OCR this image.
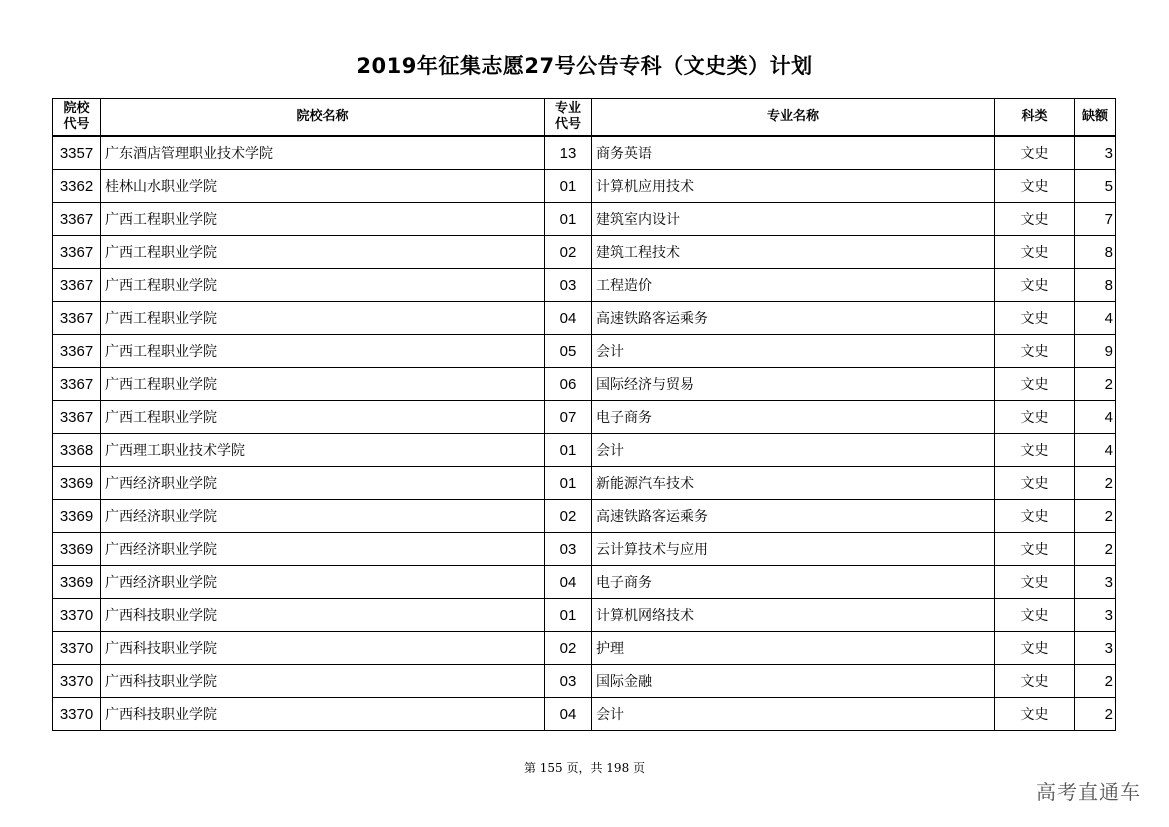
2019年征集志愿27号公告专科（文史类）计划
院校代号	院校名称	专业代号	专业名称	科类	缺额
3357	广东酒店管理职业技术学院	13	商务英语	文史	3
3362	桂林山水职业学院	01	计算机应用技术	文史	5
3367	广西工程职业学院	01	建筑室内设计	文史	7
3367	广西工程职业学院	02	建筑工程技术	文史	8
3367	广西工程职业学院	03	工程造价	文史	8
3367	广西工程职业学院	04	高速铁路客运乘务	文史	4
3367	广西工程职业学院	05	会计	文史	9
3367	广西工程职业学院	06	国际经济与贸易	文史	2
3367	广西工程职业学院	07	电子商务	文史	4
3368	广西理工职业技术学院	01	会计	文史	4
3369	广西经济职业学院	01	新能源汽车技术	文史	2
3369	广西经济职业学院	02	高速铁路客运乘务	文史	2
3369	广西经济职业学院	03	云计算技术与应用	文史	2
3369	广西经济职业学院	04	电子商务	文史	3
3370	广西科技职业学院	01	计算机网络技术	文史	3
3370	广西科技职业学院	02	护理	文史	3
3370	广西科技职业学院	03	国际金融	文史	2
3370	广西科技职业学院	04	会计	文史	2
第 155 页，共 198 页
高考直通车
